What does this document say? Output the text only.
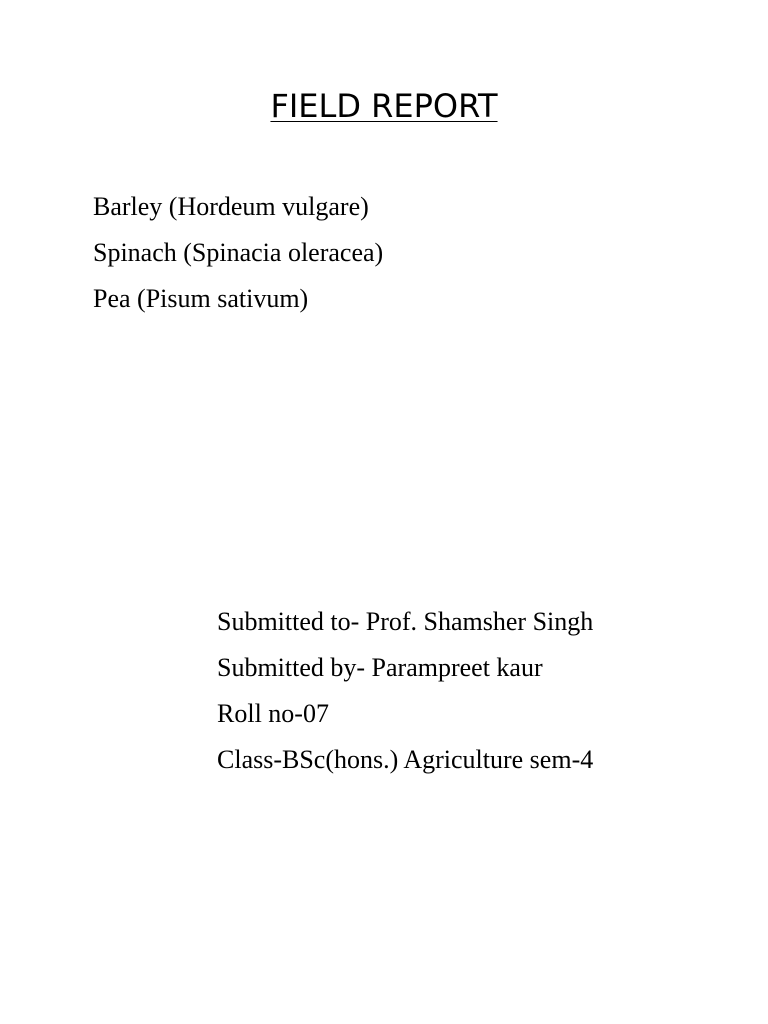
FIELD REPORT
Barley (Hordeum vulgare)
Spinach (Spinacia oleracea)
Pea (Pisum sativum)
Submitted to- Prof. Shamsher Singh
Submitted by- Parampreet kaur
Roll no-07
Class-BSc(hons.) Agriculture sem-4
